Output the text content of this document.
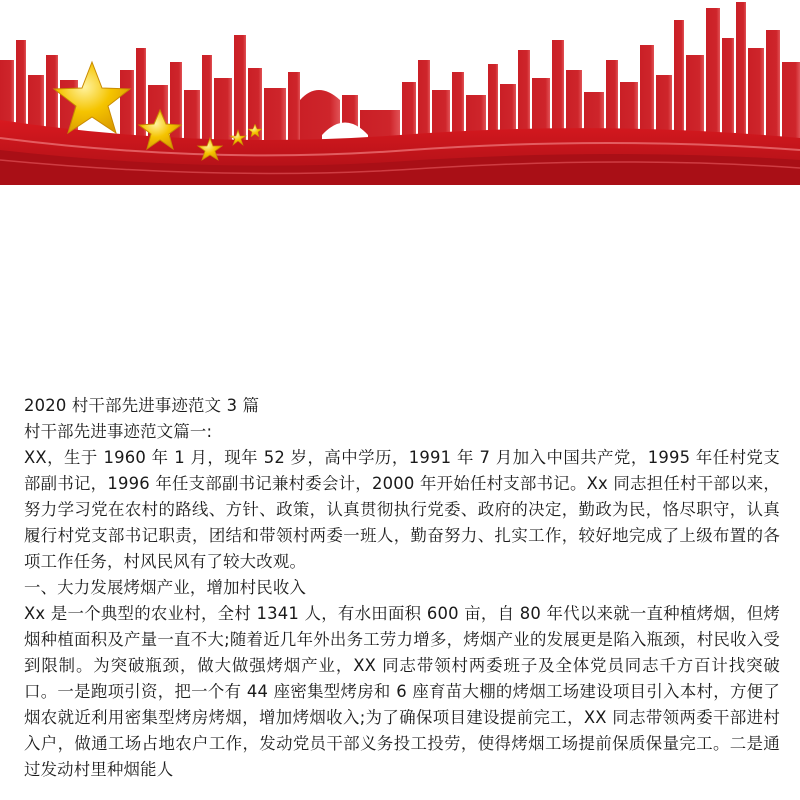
2020 村干部先进事迹范文 3 篇

村干部先进事迹范文篇一:

XX，生于 1960 年 1 月，现年 52 岁，高中学历，1991 年 7 月加入中国共产党，1995 年任村党支部副书记，1996 年任支部副书记兼村委会计，2000 年开始任村支部书记。Xx 同志担任村干部以来，努力学习党在农村的路线、方针、政策，认真贯彻执行党委、政府的决定，勤政为民，恪尽职守，认真履行村党支部书记职责，团结和带领村两委一班人，勤奋努力、扎实工作，较好地完成了上级布置的各项工作任务，村风民风有了较大改观。

一、大力发展烤烟产业，增加村民收入

Xx 是一个典型的农业村，全村 1341 人，有水田面积 600 亩，自 80 年代以来就一直种植烤烟，但烤烟种植面积及产量一直不大;随着近几年外出务工劳力增多，烤烟产业的发展更是陷入瓶颈，村民收入受到限制。为突破瓶颈，做大做强烤烟产业，XX 同志带领村两委班子及全体党员同志千方百计找突破口。一是跑项引资，把一个有 44 座密集型烤房和 6 座育苗大棚的烤烟工场建设项目引入本村，方便了烟农就近利用密集型烤房烤烟，增加烤烟收入;为了确保项目建设提前完工，XX 同志带领两委干部进村入户，做通工场占地农户工作，发动党员干部义务投工投劳，使得烤烟工场提前保质保量完工。二是通过发动村里种烟能人
